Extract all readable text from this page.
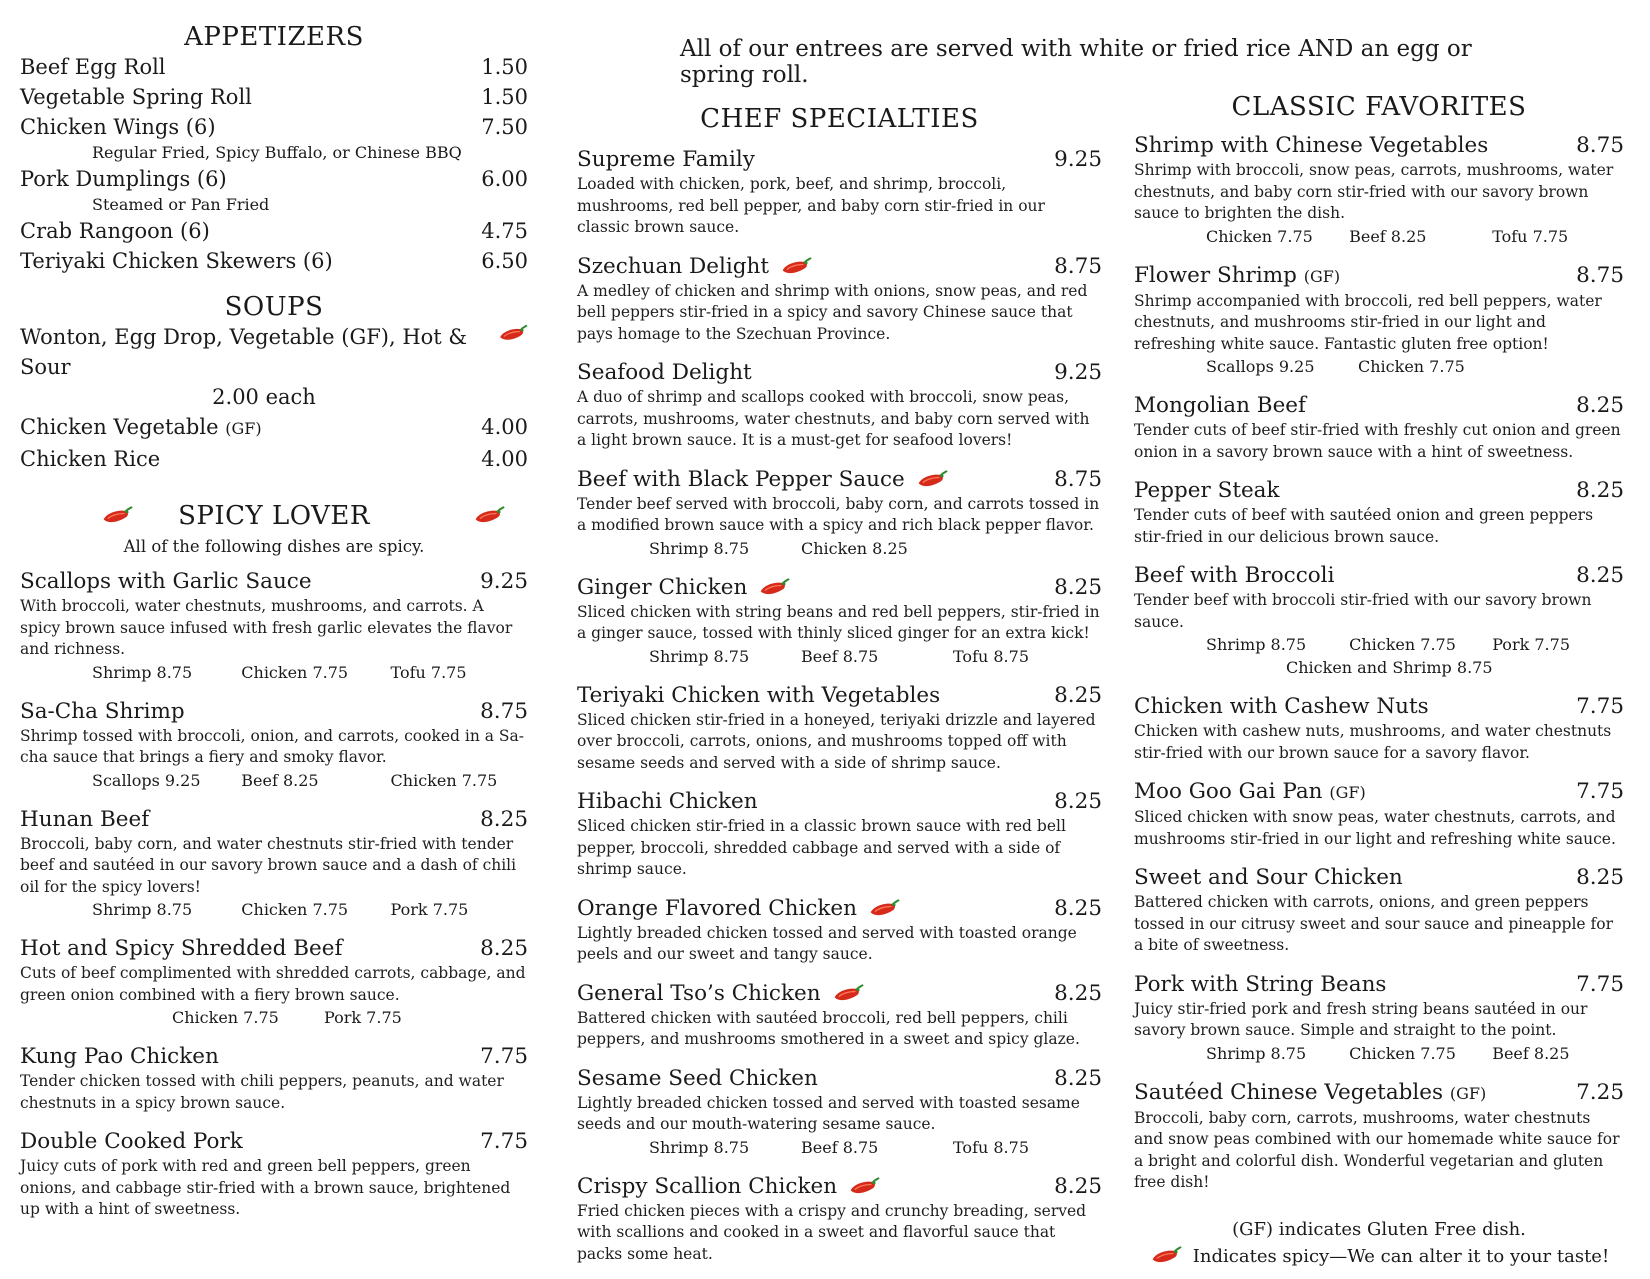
All of our entrees are served with white or fried rice AND an egg or spring roll.
APPETIZERS
Beef Egg Roll	1.50
Vegetable Spring Roll	1.50
Chicken Wings (6)	7.50
Regular Fried, Spicy Buffalo, or Chinese BBQ
Pork Dumplings (6)	6.00
Steamed or Pan Fried
Crab Rangoon (6)	4.75
Teriyaki Chicken Skewers (6)	6.50
SOUPS
Wonton, Egg Drop, Vegetable (GF), Hot & Sour
2.00 each
Chicken Vegetable (GF)	4.00
Chicken Rice	4.00
SPICY LOVER
All of the following dishes are spicy.
Scallops with Garlic Sauce	9.25
With broccoli, water chestnuts, mushrooms, and carrots. A spicy brown sauce infused with fresh garlic elevates the flavor and richness.
Shrimp 8.75	Chicken 7.75	Tofu 7.75
Sa-Cha Shrimp	8.75
Shrimp tossed with broccoli, onion, and carrots, cooked in a Sa-cha sauce that brings a fiery and smoky flavor.
Scallops 9.25	Beef 8.25	Chicken 7.75
Hunan Beef	8.25
Broccoli, baby corn, and water chestnuts stir-fried with tender beef and sautéed in our savory brown sauce and a dash of chili oil for the spicy lovers!
Shrimp 8.75	Chicken 7.75	Pork 7.75
Hot and Spicy Shredded Beef	8.25
Cuts of beef complimented with shredded carrots, cabbage, and green onion combined with a fiery brown sauce.
Chicken 7.75	Pork 7.75
Kung Pao Chicken	7.75
Tender chicken tossed with chili peppers, peanuts, and water chestnuts in a spicy brown sauce.
Double Cooked Pork	7.75
Juicy cuts of pork with red and green bell peppers, green onions, and cabbage stir-fried with a brown sauce, brightened up with a hint of sweetness.
CHEF SPECIALTIES
Supreme Family	9.25
Loaded with chicken, pork, beef, and shrimp, broccoli, mushrooms, red bell pepper, and baby corn stir-fried in our classic brown sauce.
Szechuan Delight	8.75
A medley of chicken and shrimp with onions, snow peas, and red bell peppers stir-fried in a spicy and savory Chinese sauce that pays homage to the Szechuan Province.
Seafood Delight	9.25
A duo of shrimp and scallops cooked with broccoli, snow peas, carrots, mushrooms, water chestnuts, and baby corn served with a light brown sauce. It is a must-get for seafood lovers!
Beef with Black Pepper Sauce	8.75
Tender beef served with broccoli, baby corn, and carrots tossed in a modified brown sauce with a spicy and rich black pepper flavor.
Shrimp 8.75	Chicken 8.25
Ginger Chicken	8.25
Sliced chicken with string beans and red bell peppers, stir-fried in a ginger sauce, tossed with thinly sliced ginger for an extra kick!
Shrimp 8.75	Beef 8.75	Tofu 8.75
Teriyaki Chicken with Vegetables	8.25
Sliced chicken stir-fried in a honeyed, teriyaki drizzle and layered over broccoli, carrots, onions, and mushrooms topped off with sesame seeds and served with a side of shrimp sauce.
Hibachi Chicken	8.25
Sliced chicken stir-fried in a classic brown sauce with red bell pepper, broccoli, shredded cabbage and served with a side of shrimp sauce.
Orange Flavored Chicken	8.25
Lightly breaded chicken tossed and served with toasted orange peels and our sweet and tangy sauce.
General Tso’s Chicken	8.25
Battered chicken with sautéed broccoli, red bell peppers, chili peppers, and mushrooms smothered in a sweet and spicy glaze.
Sesame Seed Chicken	8.25
Lightly breaded chicken tossed and served with toasted sesame seeds and our mouth-watering sesame sauce.
Shrimp 8.75	Beef 8.75	Tofu 8.75
Crispy Scallion Chicken	8.25
Fried chicken pieces with a crispy and crunchy breading, served with scallions and cooked in a sweet and flavorful sauce that packs some heat.
CLASSIC FAVORITES
Shrimp with Chinese Vegetables	8.75
Shrimp with broccoli, snow peas, carrots, mushrooms, water chestnuts, and baby corn stir-fried with our savory brown sauce to brighten the dish.
Chicken 7.75	Beef 8.25	Tofu 7.75
Flower Shrimp (GF)	8.75
Shrimp accompanied with broccoli, red bell peppers, water chestnuts, and mushrooms stir-fried in our light and refreshing white sauce. Fantastic gluten free option!
Scallops 9.25	Chicken 7.75
Mongolian Beef	8.25
Tender cuts of beef stir-fried with freshly cut onion and green onion in a savory brown sauce with a hint of sweetness.
Pepper Steak	8.25
Tender cuts of beef with sautéed onion and green peppers stir-fried in our delicious brown sauce.
Beef with Broccoli	8.25
Tender beef with broccoli stir-fried with our savory brown sauce.
Shrimp 8.75	Chicken 7.75	Pork 7.75
Chicken and Shrimp 8.75
Chicken with Cashew Nuts	7.75
Chicken with cashew nuts, mushrooms, and water chestnuts stir-fried with our brown sauce for a savory flavor.
Moo Goo Gai Pan (GF)	7.75
Sliced chicken with snow peas, water chestnuts, carrots, and mushrooms stir-fried in our light and refreshing white sauce.
Sweet and Sour Chicken	8.25
Battered chicken with carrots, onions, and green peppers tossed in our citrusy sweet and sour sauce and pineapple for a bite of sweetness.
Pork with String Beans	7.75
Juicy stir-fried pork and fresh string beans sautéed in our savory brown sauce. Simple and straight to the point.
Shrimp 8.75	Chicken 7.75	Beef 8.25
Sautéed Chinese Vegetables (GF)	7.25
Broccoli, baby corn, carrots, mushrooms, water chestnuts and snow peas combined with our homemade white sauce for a bright and colorful dish. Wonderful vegetarian and gluten free dish!
(GF) indicates Gluten Free dish.
Indicates spicy—We can alter it to your taste!
